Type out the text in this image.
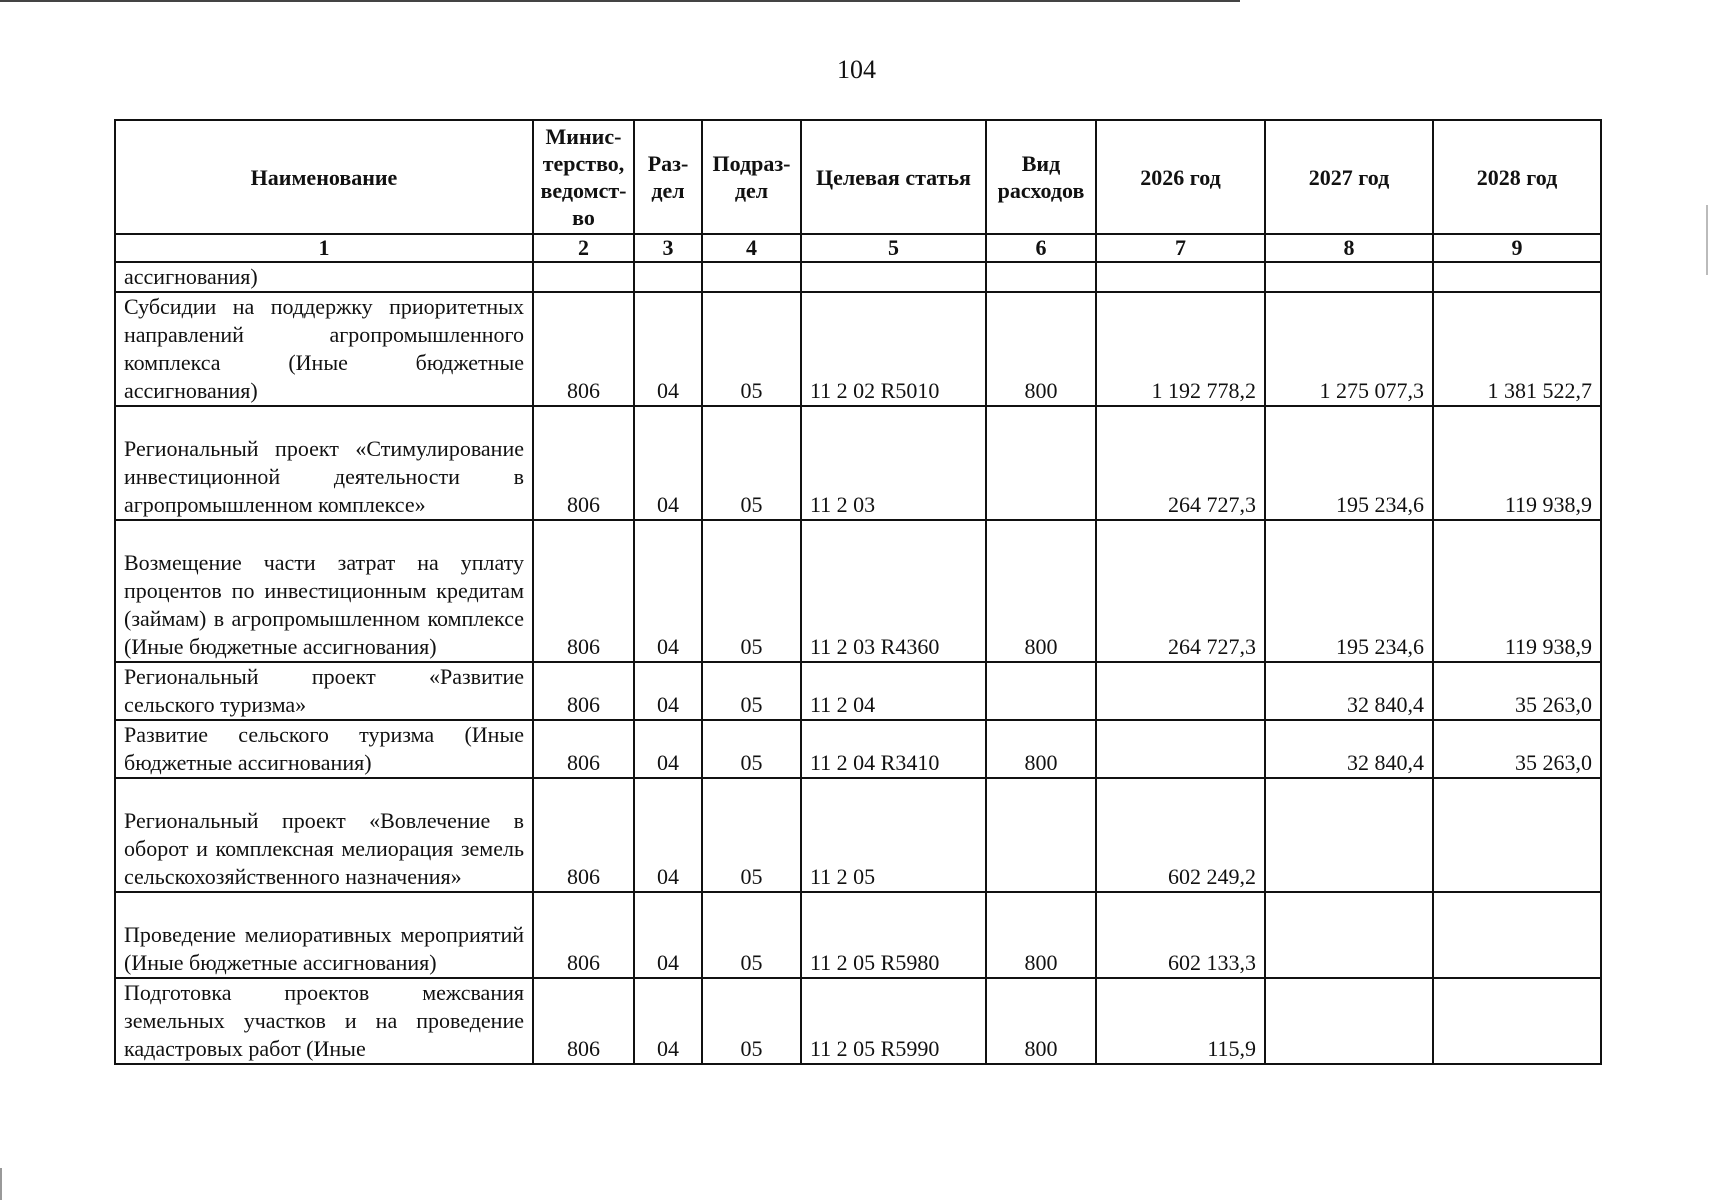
104
Наименование	Минис-терство, ведомст-во	Раз-дел	Подраз-дел	Целевая статья	Вид расходов	2026 год	2027 год	2028 год
1	2	3	4	5	6	7	8	9
ассигнования)								
Субсидии на поддержку приоритетных направлений агропромышленного комплекса (Иные бюджетные ассигнования)	806	04	05	11 2 02 R5010	800	1 192 778,2	1 275 077,3	1 381 522,7
Региональный проект «Стимулирование инвестиционной деятельности в агропромышленном комплексе»	806	04	05	11 2 03		264 727,3	195 234,6	119 938,9
Возмещение части затрат на уплату процентов по инвестиционным кредитам (займам) в агропромышленном комплексе (Иные бюджетные ассигнования)	806	04	05	11 2 03 R4360	800	264 727,3	195 234,6	119 938,9
Региональный проект «Развитие сельского туризма»	806	04	05	11 2 04			32 840,4	35 263,0
Развитие сельского туризма (Иные бюджетные ассигнования)	806	04	05	11 2 04 R3410	800		32 840,4	35 263,0
Региональный проект «Вовлечение в оборот и комплексная мелиорация земель сельскохозяйственного назначения»	806	04	05	11 2 05		602 249,2		
Проведение мелиоративных мероприятий (Иные бюджетные ассигнования)	806	04	05	11 2 05 R5980	800	602 133,3		
Подготовка проектов межсвания земельных участков и на проведение кадастровых работ (Иные	806	04	05	11 2 05 R5990	800	115,9		
